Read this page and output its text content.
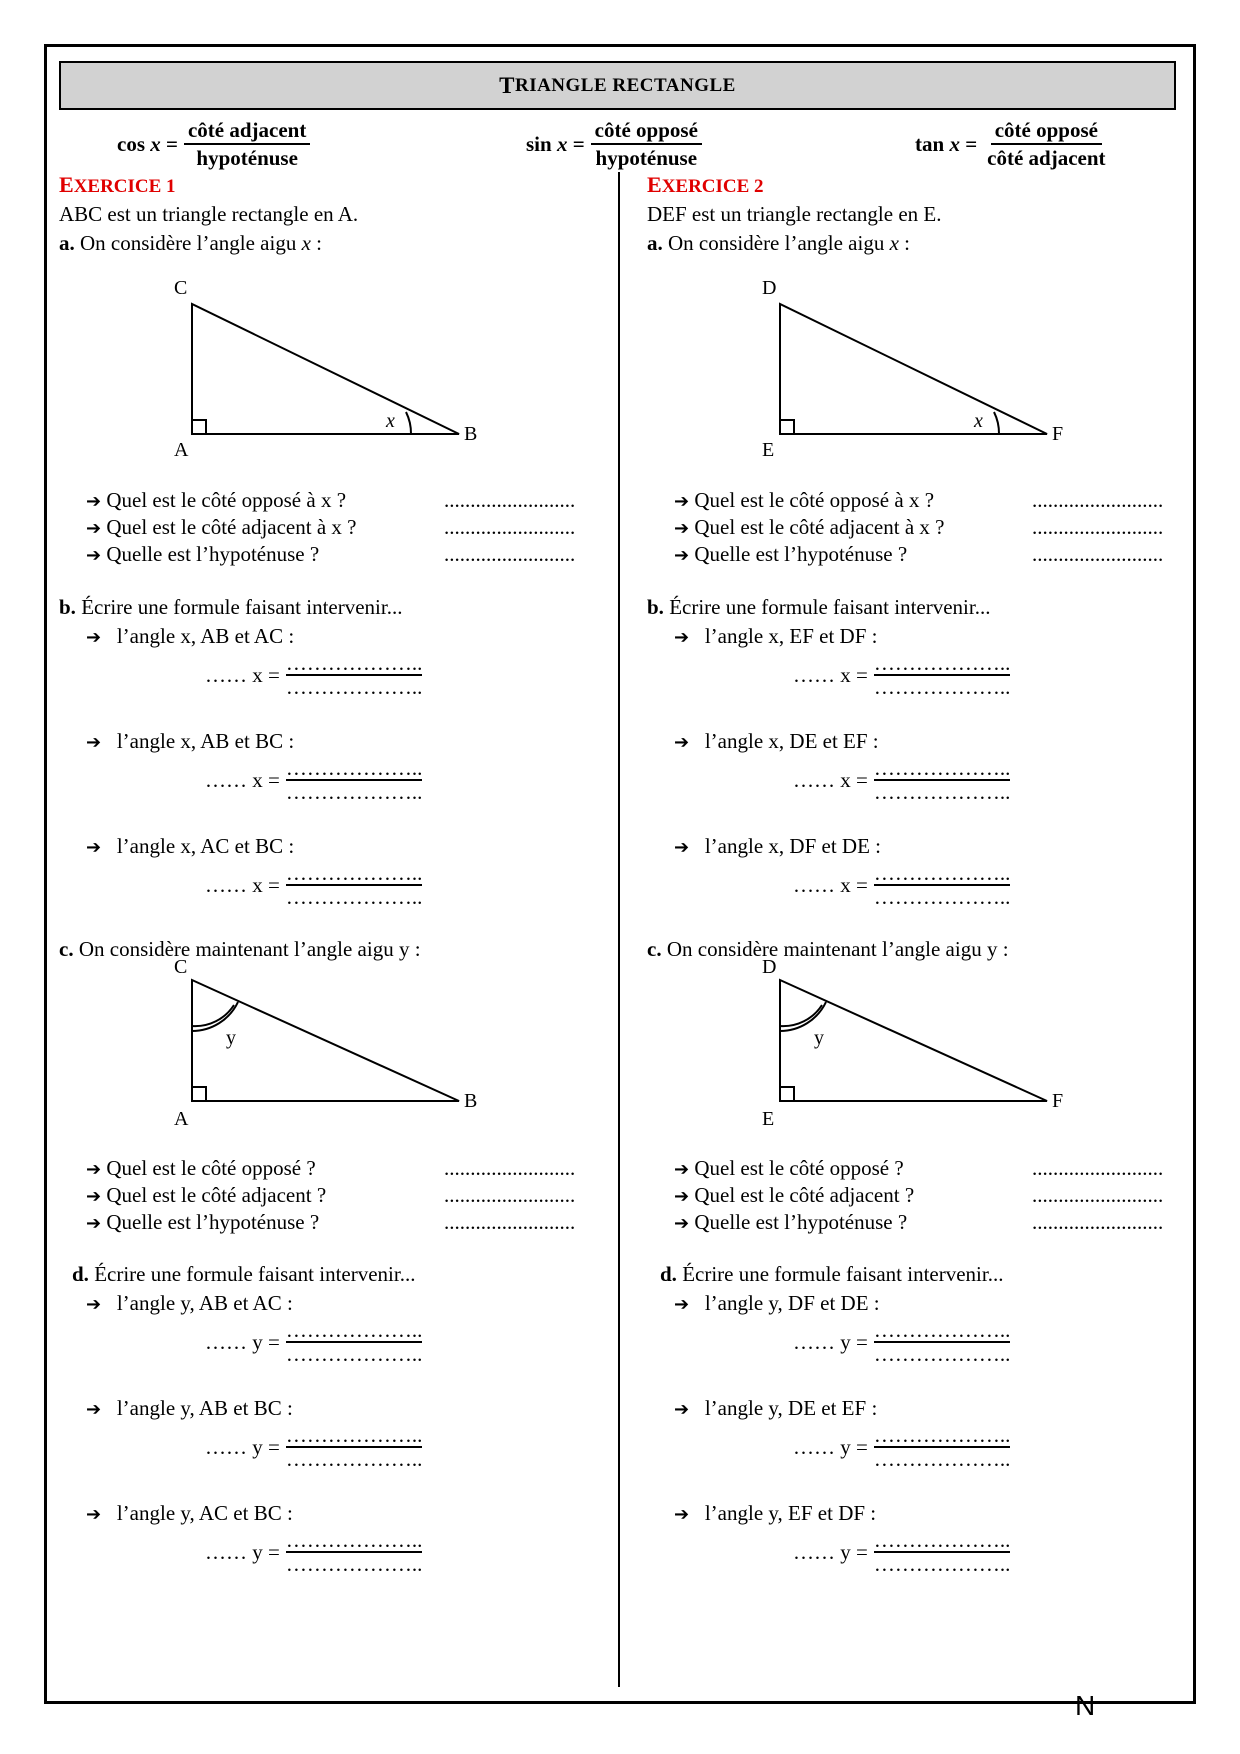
N
T RIANGLE RECTANGLE
cos
$x = \frac{\text{côté adjacent}}{\text{hypoténuse}}$	sin
$x = \frac{\text{côté opposé}}{\text{hypoténuse}}$	tan
$x = \frac{\text{côté opposé}}{\text{côté adjacent}}$
EXERCICE 1
ABC est un triangle rectangle en A.
a. On considère l’angle aigu x :
C
B
A
x
➔ Quel est le côté opposé à x ?	.........................
➔ Quel est le côté adjacent à x ?	.........................
➔ Quelle est l’hypoténuse ?	.........................
b. Écrire une formule faisant intervenir...
➔ l’angle x, AB et AC :
…… $x = \frac{\dots\dots\dots\dots\dots\dots..}{\dots\dots\dots\dots\dots\dots..}$
➔ l’angle x, AB et BC :
…… $x = \frac{\dots\dots\dots\dots\dots\dots..}{\dots\dots\dots\dots\dots\dots..}$
➔ l’angle x, AC et BC :
…… $x = \frac{\dots\dots\dots\dots\dots\dots..}{\dots\dots\dots\dots\dots\dots..}$
c. On considère maintenant l’angle aigu y :
C
B
A
y
➔ Quel est le côté opposé ?	.........................
➔ Quel est le côté adjacent ?	.........................
➔ Quelle est l’hypoténuse ?	.........................
d. Écrire une formule faisant intervenir...
➔ l’angle y, AB et AC :
…… $y = \frac{\dots\dots\dots\dots\dots\dots..}{\dots\dots\dots\dots\dots\dots..}$
➔ l’angle y, AB et BC :
…… $y = \frac{\dots\dots\dots\dots\dots\dots..}{\dots\dots\dots\dots\dots\dots..}$
➔ l’angle y, AC et BC :
…… $y = \frac{\dots\dots\dots\dots\dots\dots..}{\dots\dots\dots\dots\dots\dots..}$
EXERCICE 2
DEF est un triangle rectangle en E.
a. On considère l’angle aigu x :
D
F
E
x
➔ Quel est le côté opposé à x ?	.........................
➔ Quel est le côté adjacent à x ?	.........................
➔ Quelle est l’hypoténuse ?	.........................
b. Écrire une formule faisant intervenir...
➔ l’angle x, EF et DF :
…… $x = \frac{\dots\dots\dots\dots\dots\dots..}{\dots\dots\dots\dots\dots\dots..}$
➔ l’angle x, DE et EF :
…… $x = \frac{\dots\dots\dots\dots\dots\dots..}{\dots\dots\dots\dots\dots\dots..}$
➔ l’angle x, DF et DE :
…… $x = \frac{\dots\dots\dots\dots\dots\dots..}{\dots\dots\dots\dots\dots\dots..}$
c. On considère maintenant l’angle aigu y :
D
F
E
y
➔ Quel est le côté opposé ?	.........................
➔ Quel est le côté adjacent ?	.........................
➔ Quelle est l’hypoténuse ?	.........................
d. Écrire une formule faisant intervenir...
➔ l’angle y, DF et DE :
…… $y = \frac{\dots\dots\dots\dots\dots\dots..}{\dots\dots\dots\dots\dots\dots..}$
➔ l’angle y, DE et EF :
…… $y = \frac{\dots\dots\dots\dots\dots\dots..}{\dots\dots\dots\dots\dots\dots..}$
➔ l’angle y, EF et DF :
…… $y = \frac{\dots\dots\dots\dots\dots\dots..}{\dots\dots\dots\dots\dots\dots..}$
